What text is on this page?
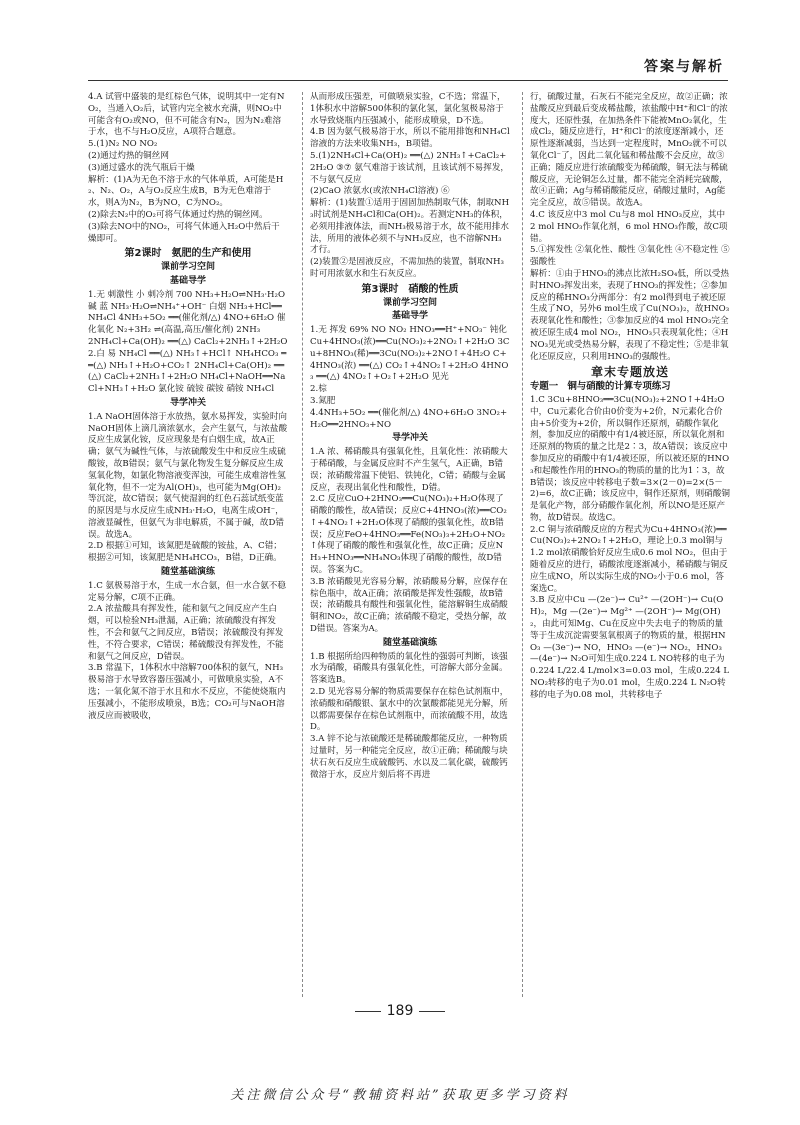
答案与解析
4.A 试管中盛装的是红棕色气体，说明其中一定有NO₂，当通入O₂后，试管内完全被水充满，则NO₂中可能含有O₂或NO，但不可能含有N₂，因为N₂难溶于水，也不与H₂O反应，A项符合题意。
5.(1)N₂ NO NO₂
(2)通过灼热的铜丝网
(3)通过盛水的洗气瓶后干燥
解析：(1)A为无色不溶于水的气体单质，A可能是H₂、N₂、O₂，A与O₂反应生成B，B为无色难溶于水，则A为N₂，B为NO，C为NO₂。
(2)除去N₂中的O₂可将气体通过灼热的铜丝网。
(3)除去NO中的NO₂，可将气体通入H₂O中然后干燥即可。
第2课时　氨肥的生产和使用
课前学习空间
基础导学
1.无 刺激性 小 刺冷剂 700 NH₃+H₂O⇌NH₃·H₂O 碱 蓝 NH₃·H₂O⇌NH₄⁺+OH⁻ 白烟 NH₃+HCl══NH₄Cl 4NH₃+5O₂ ══(催化剂/△) 4NO+6H₂O 催化氧化 N₂+3H₂ ⇌(高温,高压/催化剂) 2NH₃
2NH₄Cl+Ca(OH)₂ ══(△) CaCl₂+2NH₃↑+2H₂O
2.白 易 NH₄Cl ══(△) NH₃↑+HCl↑ NH₄HCO₃ ══(△) NH₃↑+H₂O+CO₂↑ 2NH₄Cl+Ca(OH)₂ ══(△) CaCl₂+2NH₃↑+2H₂O NH₄Cl+NaOH══NaCl+NH₃↑+H₂O 氯化铵 硫铵 碳铵 硝铵 NH₄Cl
导学冲关
1.A NaOH固体溶于水放热，氨水易挥发，实验时向NaOH固体上滴几滴浓氨水，会产生氨气，与浓盐酸反应生成氯化铵，反应现象是有白烟生成，故A正确；氨气为碱性气体，与浓硫酸发生中和反应生成硫酸铵，故B错误；氨气与氯化物发生复分解反应生成氢氧化物，如氯化物溶液变浑浊，可能生成难溶性氢氧化物，但不一定为Al(OH)₃，也可能为Mg(OH)₂等沉淀，故C错误；氨气使湿润的红色石蕊试纸变蓝的原因是与水反应生成NH₃·H₂O，电离生成OH⁻，溶液显碱性，但氨气为非电解质，不属于碱，故D错误。故选A。
2.D 根据①可知，该氮肥是硫酸的铵盐，A、C错；根据②可知，该氮肥是NH₄HCO₃，B错，D正确。
随堂基础演练
1.C 氨极易溶于水，生成一水合氨，但一水合氨不稳定易分解，C项不正确。
2.A 浓盐酸具有挥发性，能和氨气之间反应产生白烟，可以检验NH₃泄漏，A正确；浓硫酸没有挥发性，不会和氨气之间反应，B错误；浓硫酸没有挥发性，不符合要求，C错误；稀硫酸没有挥发性，不能和氨气之间反应，D错误。
3.B 常温下，1体积水中溶解700体积的氨气，NH₃极易溶于水导致容器压强减小，可做喷泉实验，A不选；一氧化氮不溶于水且和水不反应，不能使烧瓶内压强减小，不能形成喷泉，B选；CO₂可与NaOH溶液反应而被吸收，
从而形成压强差，可做喷泉实验，C不选；常温下，1体积水中溶解500体积的氯化氢，氯化氢极易溶于水导致烧瓶内压强减小，能形成喷泉，D不选。
4.B 因为氨气极易溶于水，所以不能用排饱和NH₄Cl溶液的方法来收集NH₃，B项错。
5.(1)2NH₄Cl+Ca(OH)₂ ══(△) 2NH₃↑+CaCl₂+2H₂O ③⑦ 氨气难溶于该试剂，且该试剂不易挥发，不与氨气反应
(2)CaO 浓氨水(或浓NH₄Cl溶液) ⑥
解析：(1)装置①适用于固固加热制取气体，制取NH₃时试剂是NH₄Cl和Ca(OH)₂。若测定NH₃的体积，必须用排液体法，而NH₃极易溶于水，故不能用排水法，所用的液体必须不与NH₃反应，也不溶解NH₃才行。
(2)装置②是固液反应，不需加热的装置，制取NH₃时可用浓氨水和生石灰反应。
第3课时　硝酸的性质
课前学习空间
基础导学
1.无 挥发 69% NO NO₂ HNO₃══H⁺+NO₃⁻ 钝化 Cu+4HNO₃(浓)══Cu(NO₃)₂+2NO₂↑+2H₂O 3Cu+8HNO₃(稀)══3Cu(NO₃)₂+2NO↑+4H₂O C+4HNO₃(浓) ══(△) CO₂↑+4NO₂↑+2H₂O 4HNO₃ ══(△) 4NO₂↑+O₂↑+2H₂O 见光
2.棕
3.氮肥
4.4NH₃+5O₂ ══(催化剂/△) 4NO+6H₂O 3NO₂+H₂O══2HNO₃+NO
导学冲关
1.A 浓、稀硝酸具有强氧化性，且氧化性：浓硝酸大于稀硝酸，与金属反应时不产生氢气，A正确，B错误；浓硝酸常温下使铝、铁钝化，C错；硝酸与金属反应，表现出氧化性和酸性，D错。
2.C 反应CuO+2HNO₃══Cu(NO₃)₂+H₂O体现了硝酸的酸性，故A错误；反应C+4HNO₃(浓)══CO₂↑+4NO₂↑+2H₂O体现了硝酸的强氧化性，故B错误；反应FeO+4HNO₃══Fe(NO₃)₃+2H₂O+NO₂↑体现了硝酸的酸性和强氧化性，故C正确；反应NH₃+HNO₃══NH₄NO₃体现了硝酸的酸性，故D错误。答案为C。
3.B 浓硝酸见光容易分解，浓硝酸易分解，应保存在棕色瓶中，故A正确；浓硝酸是挥发性强酸，故B错误；浓硝酸具有酸性和强氧化性，能溶解铜生成硝酸铜和NO₂，故C正确；浓硝酸不稳定，受热分解，故D错误。答案为A。
随堂基础演练
1.B 根据所给四种物质的氧化性的强弱可判断，该强水为硝酸，硝酸具有强氧化性，可溶解大部分金属。答案选B。
2.D 见光容易分解的物质需要保存在棕色试剂瓶中，浓硝酸和硝酸银、氯水中的次氯酸都能见光分解，所以都需要保存在棕色试剂瓶中，而浓硫酸不用，故选D。
3.A 锌不论与浓硫酸还是稀硫酸都能反应，一种物质过量时，另一种能完全反应，故①正确；稀硫酸与块状石灰石反应生成硫酸钙、水以及二氧化碳，硫酸钙微溶于水，反应片刻后将不再进
行，硫酸过量，石灰石不能完全反应，故②正确；浓盐酸反应到最后变成稀盐酸，浓盐酸中H⁺和Cl⁻的浓度大，还原性强，在加热条件下能被MnO₂氧化，生成Cl₂，随反应进行，H⁺和Cl⁻的浓度逐渐减小，还原性逐渐减弱，当达到一定程度时，MnO₂就不可以氧化Cl⁻了，因此二氧化锰和稀盐酸不会反应，故③正确；随反应进行浓硫酸变为稀硫酸，铜无法与稀硫酸反应，无论铜怎么过量，都不能完全消耗完硫酸，故④正确；Ag与稀硝酸能反应，硝酸过量时，Ag能完全反应，故⑤错误。故选A。
4.C 该反应中3 mol Cu与8 mol HNO₃反应，其中2 mol HNO₃作氧化剂，6 mol HNO₃作酸，故C项错。
5.①挥发性 ②氧化性、酸性 ③氧化性 ④不稳定性 ⑤强酸性
解析：①由于HNO₃的沸点比浓H₂SO₄低，所以受热时HNO₃挥发出来，表现了HNO₃的挥发性；②参加反应的稀HNO₃分两部分：有2 mol得到电子被还原生成了NO，另外6 mol生成了Cu(NO₃)₂，故HNO₃表现氧化性和酸性；③参加反应的4 mol HNO₃完全被还原生成4 mol NO₂，HNO₃只表现氧化性；④HNO₃见光或受热易分解，表现了不稳定性；⑤是非氧化还原反应，只利用HNO₃的强酸性。
章末专题放送
专题一　铜与硝酸的计算专项练习
1.C 3Cu+8HNO₃══3Cu(NO₃)₂+2NO↑+4H₂O中，Cu元素化合价由0价变为+2价，N元素化合价由+5价变为+2价，所以铜作还原剂，硝酸作氧化剂，参加反应的硝酸中有1/4被还原，所以氧化剂和还原剂的物质的量之比是2∶3，故A错误；该反应中参加反应的硝酸中有1/4被还原，所以被还原的HNO₃和起酸性作用的HNO₃的物质的量的比为1∶3，故B错误；该反应中转移电子数=3×(2－0)=2×(5－2)=6，故C正确；该反应中，铜作还原剂，则硝酸铜是氧化产物，部分硝酸作氧化剂，所以NO是还原产物，故D错误。故选C。
2.C 铜与浓硝酸反应的方程式为Cu+4HNO₃(浓)══Cu(NO₃)₂+2NO₂↑+2H₂O，理论上0.3 mol铜与1.2 mol浓硝酸恰好反应生成0.6 mol NO₂，但由于随着反应的进行，硝酸浓度逐渐减小，稀硝酸与铜反应生成NO，所以实际生成的NO₂小于0.6 mol，答案选C。
3.B 反应中Cu —(2e⁻)→ Cu²⁺ —(2OH⁻)→ Cu(OH)₂，Mg —(2e⁻)→ Mg²⁺ —(2OH⁻)→ Mg(OH)₂，由此可知Mg、Cu在反应中失去电子的物质的量等于生成沉淀需要氢氧根离子的物质的量，根据HNO₃ —(3e⁻)→ NO，HNO₃ —(e⁻)→ NO₂，HNO₃ —(4e⁻)→ N₂O可知生成0.224 L NO转移的电子为0.224 L/22.4 L/mol×3=0.03 mol，生成0.224 L NO₂转移的电子为0.01 mol，生成0.224 L N₂O转移的电子为0.08 mol，共转移电子
189
关注微信公众号“教辅资料站”获取更多学习资料
